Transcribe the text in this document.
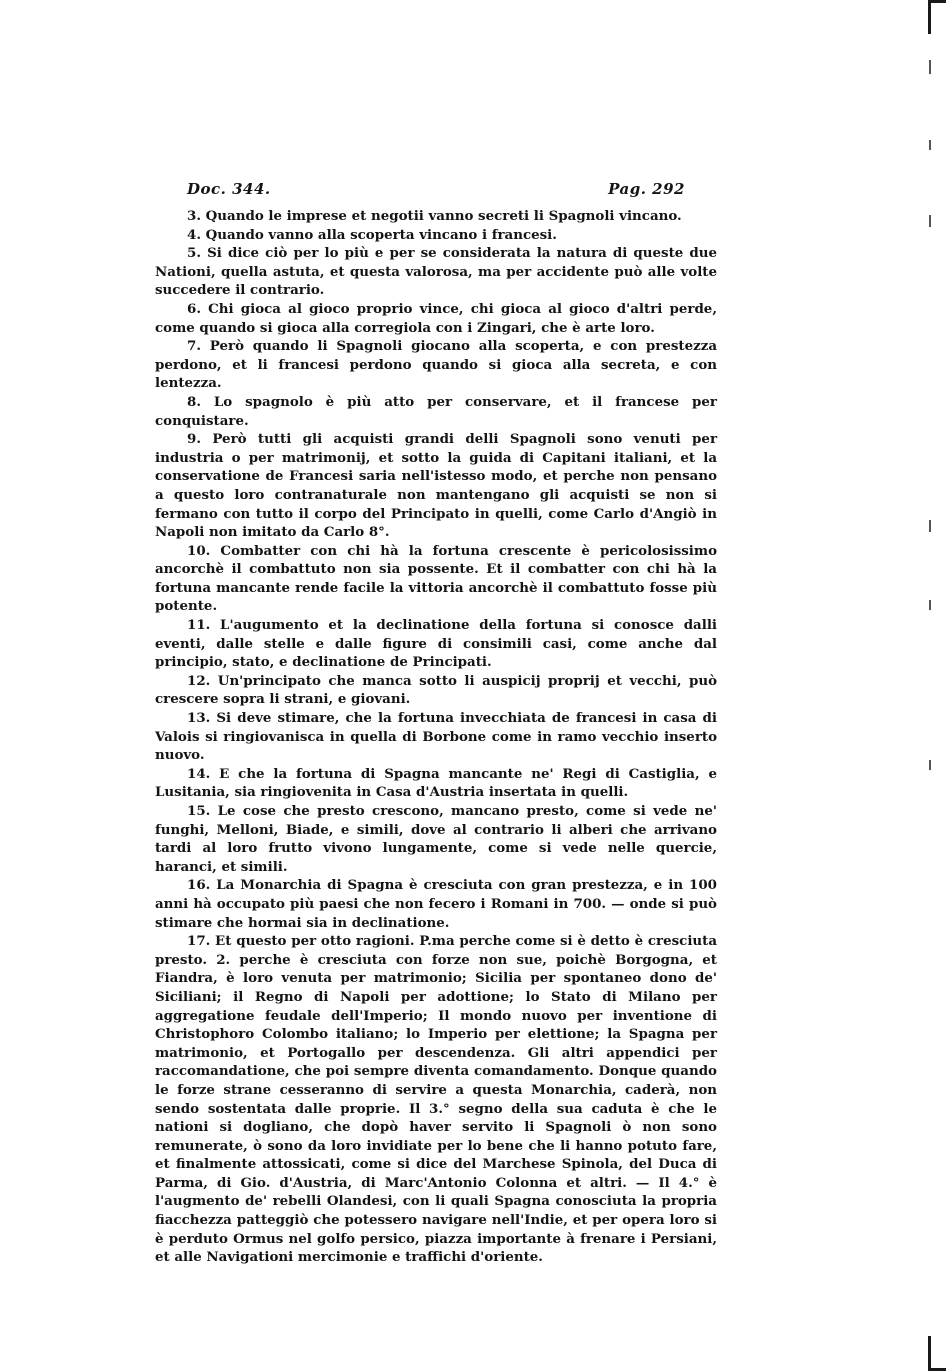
Doc. 344.	Pag. 292

3. Quando le imprese et negotii vanno secreti li Spagnoli vincano.

4. Quando vanno alla scoperta vincano i francesi.

5. Si dice ciò per lo più e per se considerata la natura di queste due Nationi, quella astuta, et questa valorosa, ma per accidente può alle volte succedere il contrario.

6. Chi gioca al gioco proprio vince, chi gioca al gioco d'altri perde, come quando si gioca alla corregiola con i Zingari, che è arte loro.

7. Però quando li Spagnoli giocano alla scoperta, e con prestezza perdono, et li francesi perdono quando si gioca alla secreta, e con lentezza.

8. Lo spagnolo è più atto per conservare, et il francese per conquistare.

9. Però tutti gli acquisti grandi delli Spagnoli sono venuti per industria o per matrimonij, et sotto la guida di Capitani italiani, et la conservatione de Francesi saria nell'istesso modo, et perche non pensano a questo loro contranaturale non mantengano gli acquisti se non si fermano con tutto il corpo del Principato in quelli, come Carlo d'Angiò in Napoli non imitato da Carlo 8°.

10. Combatter con chi hà la fortuna crescente è pericolosissimo ancorchè il combattuto non sia possente. Et il combatter con chi hà la fortuna mancante rende facile la vittoria ancorchè il combattuto fosse più potente.

11. L'augumento et la declinatione della fortuna si conosce dalli eventi, dalle stelle e dalle figure di consimili casi, come anche dal principio, stato, e declinatione de Principati.

12. Un'principato che manca sotto li auspicij proprij et vecchi, può crescere sopra li strani, e giovani.

13. Si deve stimare, che la fortuna invecchiata de francesi in casa di Valois si ringiovanisca in quella di Borbone come in ramo vecchio inserto nuovo.

14. E che la fortuna di Spagna mancante ne' Regi di Castiglia, e Lusitania, sia ringiovenita in Casa d'Austria insertata in quelli.

15. Le cose che presto crescono, mancano presto, come si vede ne' funghi, Melloni, Biade, e simili, dove al contrario li alberi che arrivano tardi al loro frutto vivono lungamente, come si vede nelle quercie, haranci, et simili.

16. La Monarchia di Spagna è cresciuta con gran prestezza, e in 100 anni hà occupato più paesi che non fecero i Romani in 700. — onde si può stimare che hormai sia in declinatione.

17. Et questo per otto ragioni. P.ma perche come si è detto è cresciuta presto. 2. perche è cresciuta con forze non sue, poichè Borgogna, et Fiandra, è loro venuta per matrimonio; Sicilia per spontaneo dono de' Siciliani; il Regno di Napoli per adottione; lo Stato di Milano per aggregatione feudale dell'Imperio; Il mondo nuovo per inventione di Christophoro Colombo italiano; lo Imperio per elettione; la Spagna per matrimonio, et Portogallo per descendenza. Gli altri appendici per raccomandatione, che poi sempre diventa comandamento. Donque quando le forze strane cesseranno di servire a questa Monarchia, caderà, non sendo sostentata dalle proprie. Il 3.° segno della sua caduta è che le nationi si dogliano, che dopò haver servito li Spagnoli ò non sono remunerate, ò sono da loro invidiate per lo bene che li hanno potuto fare, et finalmente attossicati, come si dice del Marchese Spinola, del Duca di Parma, di Gio. d'Austria, di Marc'Antonio Colonna et altri. — Il 4.° è l'augmento de' rebelli Olandesi, con li quali Spagna conosciuta la propria fiacchezza patteggiò che potessero navigare nell'Indie, et per opera loro si è perduto Ormus nel golfo persico, piazza importante à frenare i Persiani, et alle Navigationi mercimonie e traffichi d'oriente.
